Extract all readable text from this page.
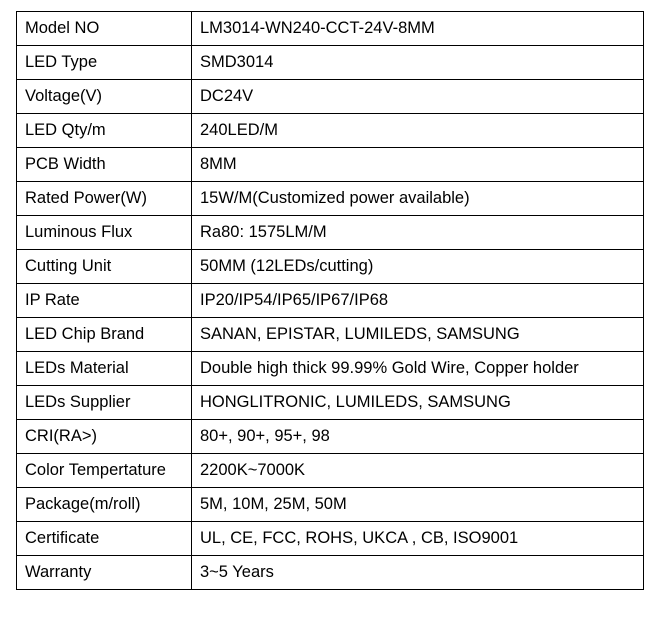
Model NO	LM3014-WN240-CCT-24V-8MM
LED Type	SMD3014
Voltage(V)	DC24V
LED Qty/m	240LED/M
PCB Width	8MM
Rated Power(W)	15W/M(Customized power available)
Luminous Flux	Ra80: 1575LM/M
Cutting Unit	50MM (12LEDs/cutting)
IP Rate	IP20/IP54/IP65/IP67/IP68
LED Chip Brand	SANAN, EPISTAR, LUMILEDS, SAMSUNG
LEDs Material	Double high thick 99.99% Gold Wire, Copper holder
LEDs Supplier	HONGLITRONIC, LUMILEDS, SAMSUNG
CRI(RA>)	80+, 90+, 95+, 98
Color Tempertature	2200K~7000K
Package(m/roll)	5M, 10M, 25M, 50M
Certificate	UL, CE, FCC, ROHS, UKCA , CB, ISO9001
Warranty	3~5 Years
